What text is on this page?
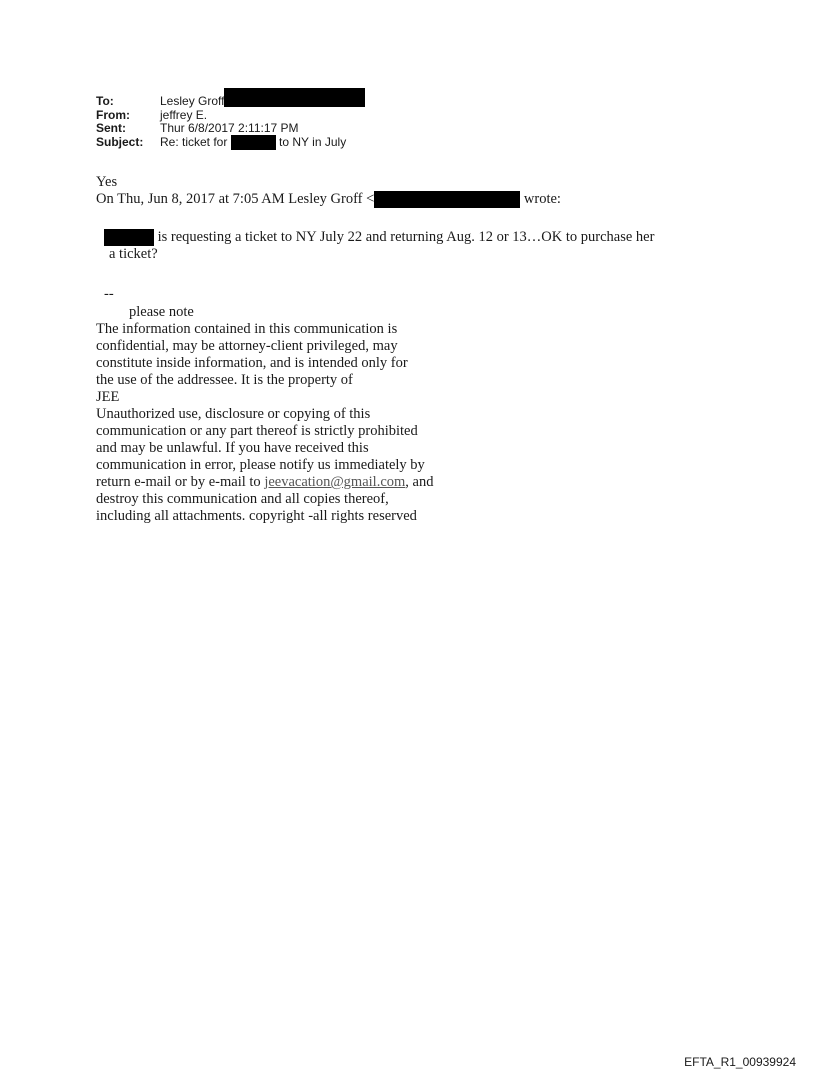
To:	Lesley Groff
From:	jeffrey E.
Sent:	Thur 6/8/2017 2:11:17 PM
Subject:	Re: ticket for	to NY in July
Yes
On Thu, Jun 8, 2017 at 7:05 AM Lesley Groff <	wrote:
is requesting a ticket to NY July 22 and returning Aug. 12 or 13…OK to purchase her
a ticket?
--
please note
The information contained in this communication is
confidential, may be attorney-client privileged, may
constitute inside information, and is intended only for
the use of the addressee. It is the property of
JEE
Unauthorized use, disclosure or copying of this
communication or any part thereof is strictly prohibited
and may be unlawful. If you have received this
communication in error, please notify us immediately by
return e-mail or by e-mail to jeevacation@gmail.com, and
destroy this communication and all copies thereof,
including all attachments. copyright -all rights reserved
EFTA_R1_00939924
